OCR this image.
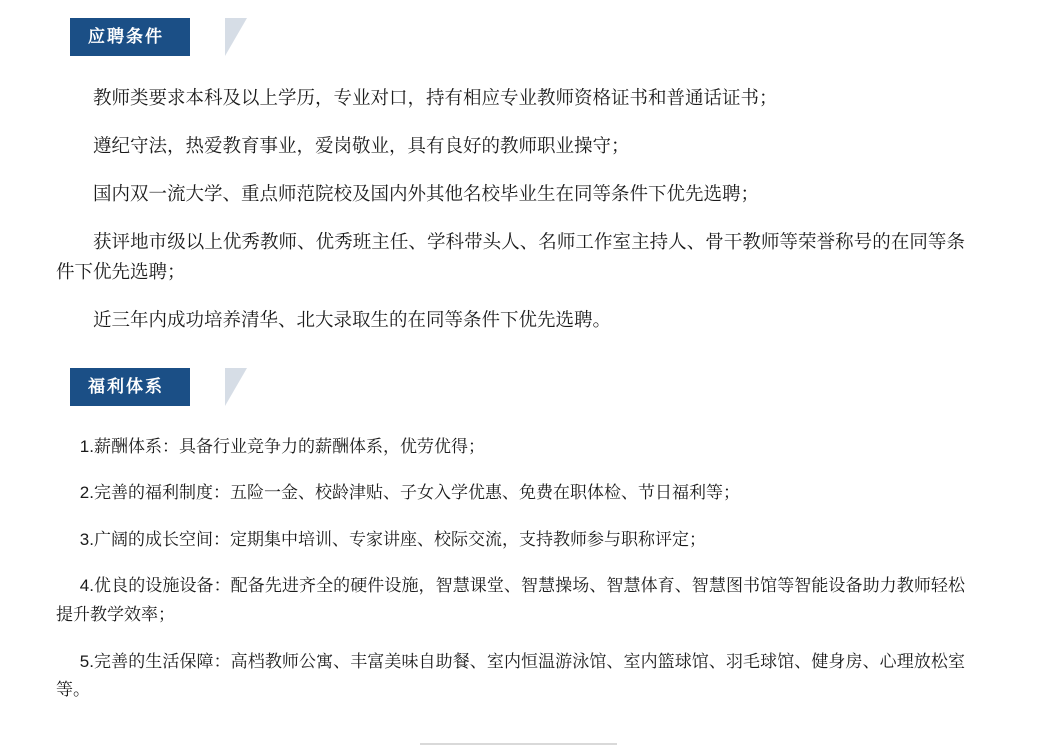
应聘条件

教师类要求本科及以上学历，专业对口，持有相应专业教师资格证书和普通话证书；

遵纪守法，热爱教育事业，爱岗敬业，具有良好的教师职业操守；

国内双一流大学、重点师范院校及国内外其他名校毕业生在同等条件下优先选聘；

获评地市级以上优秀教师、优秀班主任、学科带头人、名师工作室主持人、骨干教师等荣誉称号的在同等条件下优先选聘；

近三年内成功培养清华、北大录取生的在同等条件下优先选聘。

福利体系

1.薪酬体系：具备行业竞争力的薪酬体系，优劳优得；

2.完善的福利制度：五险一金、校龄津贴、子女入学优惠、免费在职体检、节日福利等；

3.广阔的成长空间：定期集中培训、专家讲座、校际交流，支持教师参与职称评定；

4.优良的设施设备：配备先进齐全的硬件设施，智慧课堂、智慧操场、智慧体育、智慧图书馆等智能设备助力教师轻松提升教学效率；

5.完善的生活保障：高档教师公寓、丰富美味自助餐、室内恒温游泳馆、室内篮球馆、羽毛球馆、健身房、心理放松室等。
